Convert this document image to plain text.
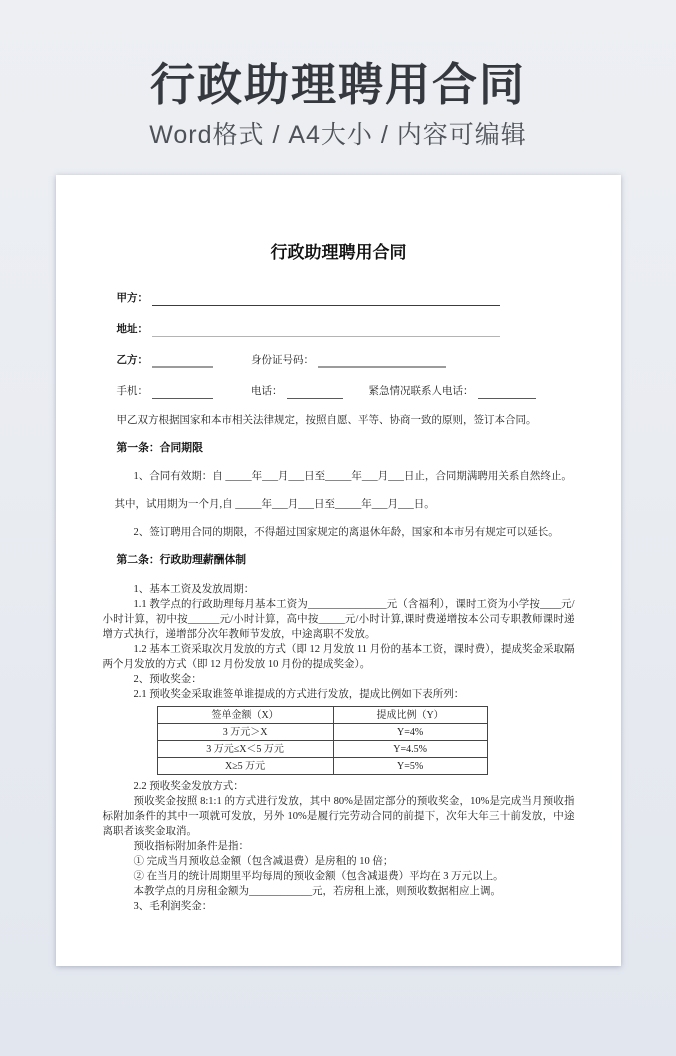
行政助理聘用合同

Word格式 / A4大小 / 内容可编辑

行政助理聘用合同
甲方：
地址：
乙方：	身份证号码：
手机：	电话：	紧急情况联系人电话：

甲乙双方根据国家和本市相关法律规定，按照自愿、平等、协商一致的原则，签订本合同。

第一条：合同期限

1、合同有效期：自 _____年___月___日至_____年___月___日止，合同期满聘用关系自然终止。

其中，试用期为一个月,自 _____年___月___日至_____年___月___日。

2、签订聘用合同的期限，不得超过国家规定的离退休年龄，国家和本市另有规定可以延长。

第二条：行政助理薪酬体制

1、基本工资及发放周期：

1.1 教学点的行政助理每月基本工资为_______________元（含福利），课时工资为小学按____元/小时计算，初中按______元/小时计算，高中按_____元/小时计算,课时费递增按本公司专职教师课时递增方式执行，递增部分次年教师节发放，中途离职不发放。

1.2 基本工资采取次月发放的方式（即 12 月发放 11 月份的基本工资，课时费），提成奖金采取隔两个月发放的方式（即 12 月份发放 10 月份的提成奖金）。

2、预收奖金：

2.1 预收奖金采取谁签单谁提成的方式进行发放，提成比例如下表所列：

签单金额（X）	提成比例（Y）
3 万元＞X	Y=4%
3 万元≤X＜5 万元	Y=4.5%
X≥5 万元	Y=5%

2.2 预收奖金发放方式：

预收奖金按照 8:1:1 的方式进行发放，其中 80%是固定部分的预收奖金，10%是完成当月预收指标附加条件的其中一项就可发放，另外 10%是履行完劳动合同的前提下，次年大年三十前发放，中途离职者该奖金取消。

预收指标附加条件是指：

① 完成当月预收总金额（包含减退费）是房租的 10 倍；

② 在当月的统计周期里平均每周的预收金额（包含减退费）平均在 3 万元以上。

本教学点的月房租金额为____________元，若房租上涨，则预收数据相应上调。

3、毛利润奖金：
